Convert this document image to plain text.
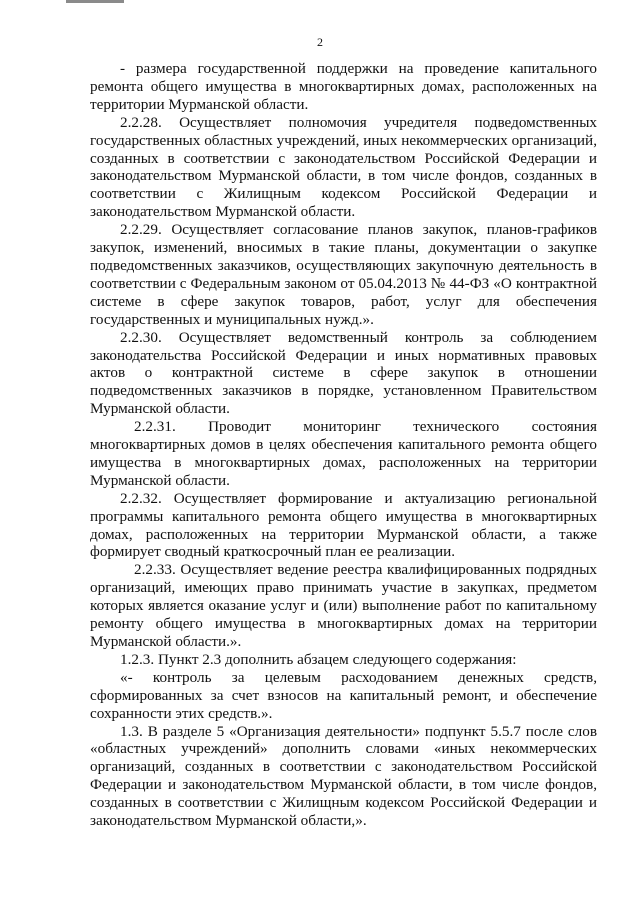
2

- размера государственной поддержки на проведение капитального ремонта общего имущества в многоквартирных домах, расположенных на территории Мурманской области.

2.2.28. Осуществляет полномочия учредителя подведомственных государственных областных учреждений, иных некоммерческих организаций, созданных в соответствии с законодательством Российской Федерации и законодательством Мурманской области, в том числе фондов, созданных в соответствии с Жилищным кодексом Российской Федерации и законодательством Мурманской области.

2.2.29. Осуществляет согласование планов закупок, планов-графиков закупок, изменений, вносимых в такие планы, документации о закупке подведомственных заказчиков, осуществляющих закупочную деятельность в соответствии с Федеральным законом от 05.04.2013 № 44-ФЗ «О контрактной системе в сфере закупок товаров, работ, услуг для обеспечения государственных и муниципальных нужд.».

2.2.30. Осуществляет ведомственный контроль за соблюдением законодательства Российской Федерации и иных нормативных правовых актов о контрактной системе в сфере закупок в отношении подведомственных заказчиков в порядке, установленном Правительством Мурманской области.

2.2.31. Проводит мониторинг технического состояния многоквартирных домов в целях обеспечения капитального ремонта общего имущества в многоквартирных домах, расположенных на территории Мурманской области.

2.2.32. Осуществляет формирование и актуализацию региональной программы капитального ремонта общего имущества в многоквартирных домах, расположенных на территории Мурманской области, а также формирует сводный краткосрочный план ее реализации.

2.2.33. Осуществляет ведение реестра квалифицированных подрядных организаций, имеющих право принимать участие в закупках, предметом которых является оказание услуг и (или) выполнение работ по капитальному ремонту общего имущества в многоквартирных домах на территории Мурманской области.».

1.2.3. Пункт 2.3 дополнить абзацем следующего содержания:

«- контроль за целевым расходованием денежных средств, сформированных за счет взносов на капитальный ремонт, и обеспечение сохранности этих средств.».

1.3. В разделе 5 «Организация деятельности» подпункт 5.5.7 после слов «областных учреждений» дополнить словами «иных некоммерческих организаций, созданных в соответствии с законодательством Российской Федерации и законодательством Мурманской области, в том числе фондов, созданных в соответствии с Жилищным кодексом Российской Федерации и законодательством Мурманской области,».
